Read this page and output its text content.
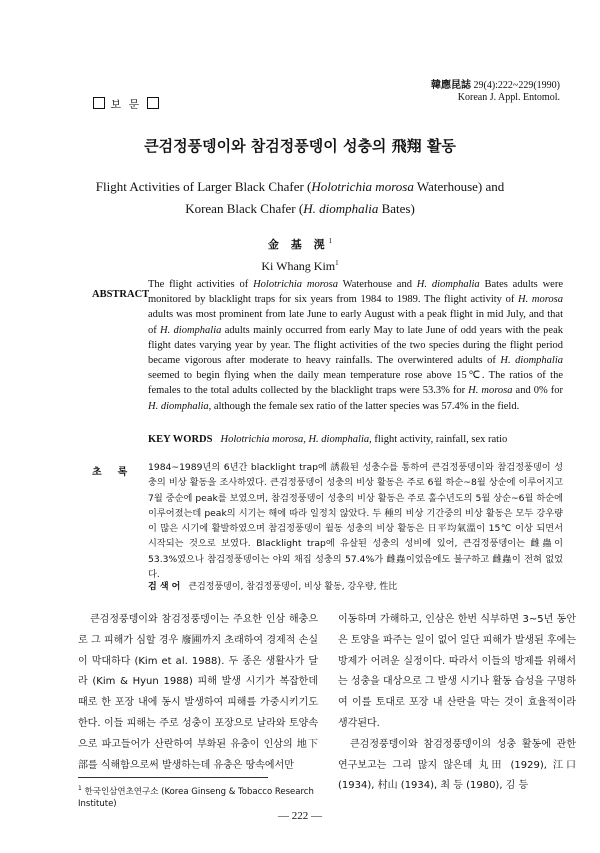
보 문
韓應昆誌 29(4):222~229(1990)
Korean J. Appl. Entomol.
큰검정풍뎅이와 참검정풍뎅이 성충의 飛翔 활동
Flight Activities of Larger Black Chafer (Holotrichia morosa Waterhouse) and
Korean Black Chafer (H. diomphalia Bates)
金 基 滉$^1$
Ki Whang Kim$^1$
ABSTRACT
The flight activities of Holotrichia morosa Waterhouse and H. diomphalia Bates adults were monitored by blacklight traps for six years from 1984 to 1989. The flight activity of H. morosa adults was most prominent from late June to early August with a peak flight in mid July, and that of H. diomphalia adults mainly occurred from early May to late June of odd years with the peak flight dates varying year by year. The flight activities of the two species during the flight period became vigorous after moderate to heavy rainfalls. The overwintered adults of H. diomphalia seemed to begin flying when the daily mean temperature rose above 15℃. The ratios of the females to the total adults collected by the blacklight traps were 53.3% for H. morosa and 0% for H. diomphalia, although the female sex ratio of the latter species was 57.4% in the field.
KEY WORDS Holotrichia morosa, H. diomphalia, flight activity, rainfall, sex ratio
초록 1984~1989년의 6년간 blacklight trap에 誘殺된 성충수를 통하여 큰검정풍뎅이와 참검정풍뎅이 성충의 비상 활동을 조사하였다. 큰검정풍뎅이 성충의 비상 활동은 주로 6월 하순~8월 상순에 이루어지고 7월 중순에 peak를 보였으며, 참검정풍뎅이 성충의 비상 활동은 주로 홀수년도의 5월 상순~6월 하순에 이루어졌는데 peak의 시기는 해에 따라 일정치 않았다. 두 種의 비상 기간중의 비상 활동은 모두 강우량이 많은 시기에 활발하였으며 참검정풍뎅이 월동 성충의 비상 활동은 日平均氣溫이 15℃ 이상 되면서 시작되는 것으로 보였다. Blacklight trap에 유살된 성충의 성비에 있어, 큰검정풍뎅이는 雌蟲이 53.3%였으나 참검정풍뎅이는 야외 채집 성충의 57.4%가 雌蟲이었음에도 불구하고 雌蟲이 전혀 없었다.
검 색 어 큰검정풍뎅이, 참검정풍뎅이, 비상 활동, 강우량, 性比

큰검정풍뎅이와 참검정풍뎅이는 주요한 인삼 해충으로 그 피해가 심할 경우 廢圃까지 초래하여 경제적 손실이 막대하다 (Kim et al. 1988). 두 종은 생활사가 달라 (Kim & Hyun 1988) 피해 발생 시기가 복잡한데 때로 한 포장 내에 동시 발생하여 피해를 가중시키기도 한다. 이들 피해는 주로 성충이 포장으로 날라와 토양속으로 파고들어가 산란하여 부화된 유충이 인삼의 地下部를 식해함으로써 발생하는데 유충은 땅속에서만

이동하며 가해하고, 인삼은 한번 식부하면 3~5년 동안은 토양을 파주는 일이 없어 일단 피해가 발생된 후에는 방제가 어려운 실정이다. 따라서 이들의 방제를 위해서는 성충을 대상으로 그 발생 시기나 활동 습성을 구명하여 이를 토대로 포장 내 산란을 막는 것이 효율적이라 생각된다.

큰검정풍뎅이와 참검정풍뎅이의 성충 활동에 관한 연구보고는 그리 많지 않은데 丸田 (1929), 江口 (1934), 村山 (1934), 최 등 (1980), 김 등

$^1$ 한국인삼연초연구소 (Korea Ginseng & Tobacco Research Institute)
— 222 —
